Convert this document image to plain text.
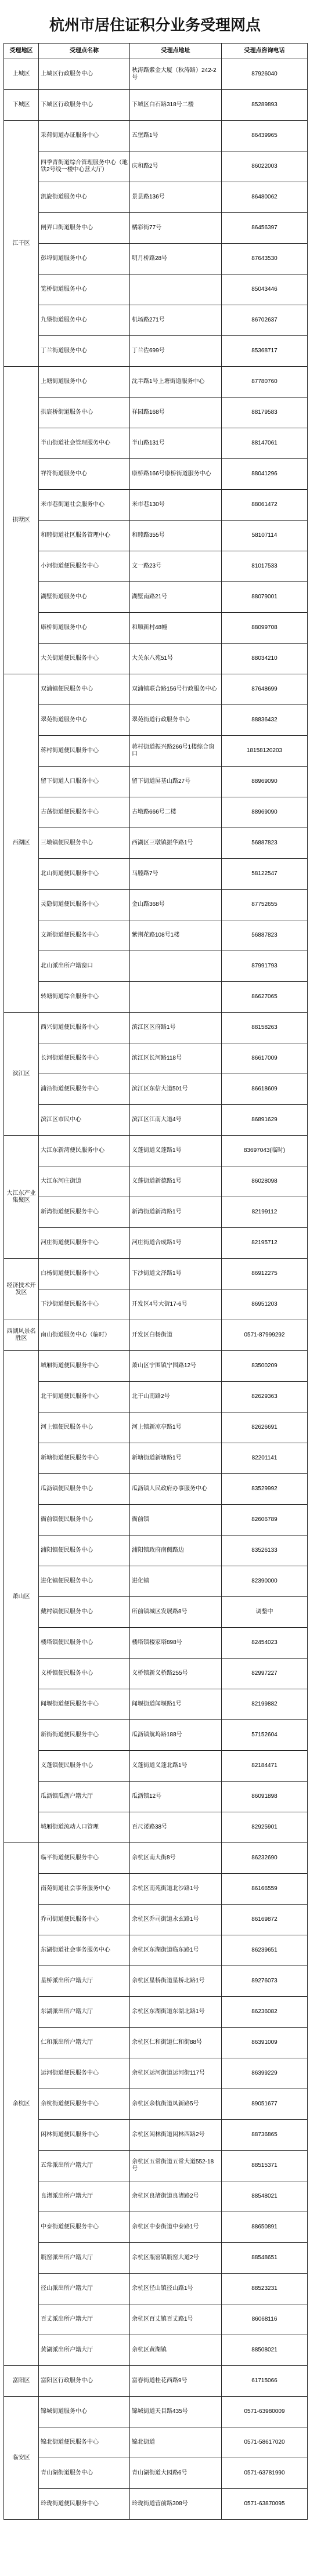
杭州市居住证积分业务受理网点
受理地区	受理点名称	受理点地址	受理点咨询电话
上城区	上城区行政服务中心	秋涛路紫金大厦（秋涛路）242-2号	87926040
下城区	下城区行政服务中心	下城区白石路318号二楼	85289893
江干区	采荷街道办证服务中心	五堡路1号	86439965
	四季青街道综合管理服务中心（地铁2号线一楼中心营大厅）	庆和路2号	86022003
	凯旋街道服务中心	景昙路136号	86480062
	闸弄口街道服务中心	橘彩街77号	86456397
	彭埠街道服务中心	明月桥路28号	87643530
	笕桥街道服务中心		85043446
	九堡街道服务中心	机场路271号	86702637
	丁兰街道服务中心	丁兰佐699号	85368717
拱墅区	上塘街道服务中心	沈半路1号上塘街道服务中心	87780760
	拱宸桥街道服务中心	祥园路168号	88179583
	半山街道社会管理服务中心	半山路131号	88147061
	祥符街道服务中心	康桥路166号康桥街道服务中心	88041296
	米市巷街道社会服务中心	米市巷130号	88061472
	和睦街道社区服务管理中心	和睦路355号	58107114
	小河街道便民服务中心	文一路23号	81017533
	湖墅街道服务中心	湖墅南路21号	88079001
	康桥街道服务中心	和顺新村48幢	88099708
	大关街道便民服务中心	大关东八苑51号	88034210
西湖区	双浦镇便民服务中心	双浦镇联合路156号行政服务中心	87648699
	翠苑街道服务中心	翠苑街道行政服务中心	88836432
	蒋村街道便民服务中心	蒋村街道振兴路266号1楼综合窗口	18158120203
	留下街道人口服务中心	留下街道屏基山路27号	88969090
	古荡街道便民服务中心	古墩路666号二楼	88969090
	三墩镇便民服务中心	西湖区三墩镇振华路1号	56887823
	北山街道便民服务中心	马塍路7号	58122547
	灵隐街道便民服务中心	金山路368号	87752655
	文新街道便民服务中心	紫荆花路108号1楼	56887823
	北山派出所户籍窗口		87991793
	转塘街道综合服务中心		86627065
滨江区	西兴街道便民服务中心	滨江区区府路1号	88158263
	长河街道便民服务中心	滨江区长河路118号	86617009
	浦沿街道便民服务中心	滨江区东信大道501号	86618609
	滨江区市民中心	滨江区江南大道4号	86891629
大江东产业集聚区	大江东新湾便民服务中心	义蓬街道义蓬路1号	83697043(临时)
	大江东河庄街道	义蓬街道新德路1号	86028098
	新湾街道便民服务中心	新湾街道新湾路1号	82199112
	河庄街道便民服务中心	河庄街道合成路1号	82195712
经济技术开发区	白杨街道便民服务中心	下沙街道文泽路1号	86912275
	下沙街道便民服务中心	开发区4号大街17-6号	86951203
西湖风景名胜区	南山街道服务中心（临时）	开发区白杨街道	0571-87999292
萧山区	城厢街道便民服务中心	萧山区宁围镇宁围路12号	83500209
	北干街道便民服务中心	北干山南路2号	82629363
	河上镇便民服务中心	河上镇新凉亭路1号	82626691
	新塘街道便民服务中心	新塘街道新塘路1号	82201141
	瓜沥镇便民服务中心	瓜沥镇人民政府办事服务中心	83529992
	衙前镇便民服务中心	衙前镇	82606789
	浦阳镇便民服务中心	浦阳镇政府南侧路边	83526133
	进化镇便民服务中心	进化镇	82390000
	戴村镇便民服务中心	所前镇城区发展路8号	调整中
	楼塔镇便民服务中心	楼塔镇楼家塔898号	82454023
	义桥镇便民服务中心	义桥镇新义桥路255号	82997227
	闻堰街道便民服务中心	闻堰街道闻堰路1号	82199882
	新街街道便民服务中心	瓜沥镇航坞路188号	57152604
	义蓬镇便民服务中心	义蓬街道义蓬北路1号	82184471
	瓜沥镇瓜沥户籍大厅	瓜沥镇12号	86091898
	城厢街道流动人口管理	百尺溇路38号	82925901
余杭区	临平街道便民服务中心	余杭区南大街8号	86232690
	南苑街道社会事务服务中心	余杭区南苑街道北沙路1号	86166559
	乔司街道便民服务中心	余杭区乔司街道永玄路1号	86169872
	东湖街道社会事务服务中心	余杭区东湖街道临东路1号	86239651
	星桥派出所户籍大厅	余杭区星桥街道星桥北路1号	89276073
	东湖派出所户籍大厅	余杭区东湖街道东湖北路1号	86236082
	仁和派出所户籍大厅	余杭区仁和街道仁和街88号	86391009
	运河街道便民服务中心	余杭区运河街道运河街117号	86399229
	余杭街道便民服务中心	余杭区余杭街道凤新路5号	89051677
	闲林街道便民服务中心	余杭区闲林街道闲林西路2号	88736865
	五常派出所户籍大厅	余杭区五常街道五常大道552-18号	88515371
	良渚派出所户籍大厅	余杭区良渚街道良渚路2号	88548021
	中泰街道便民服务中心	余杭区中泰街道中泰路1号	88650891
	瓶窑派出所户籍大厅	余杭区瓶窑镇瓶窑大道2号	88548651
	径山派出所户籍大厅	余杭区径山镇径山路1号	88523231
	百丈派出所户籍大厅	余杭区百丈镇百丈路1号	86068116
	黄湖派出所户籍大厅	余杭区黄湖镇	88508021
富阳区	富阳区行政服务中心	富春街道桂花西路9号	61715066
临安区	锦城街道服务中心	锦城街道天目路435号	0571-63980009
	锦北街道便民服务中心	锦北街道	0571-58617020
	青山湖街道服务中心	青山湖街道大园路6号	0571-63781990
	玲珑街道便民服务中心	玲珑街道营前路308号	0571-63870095
